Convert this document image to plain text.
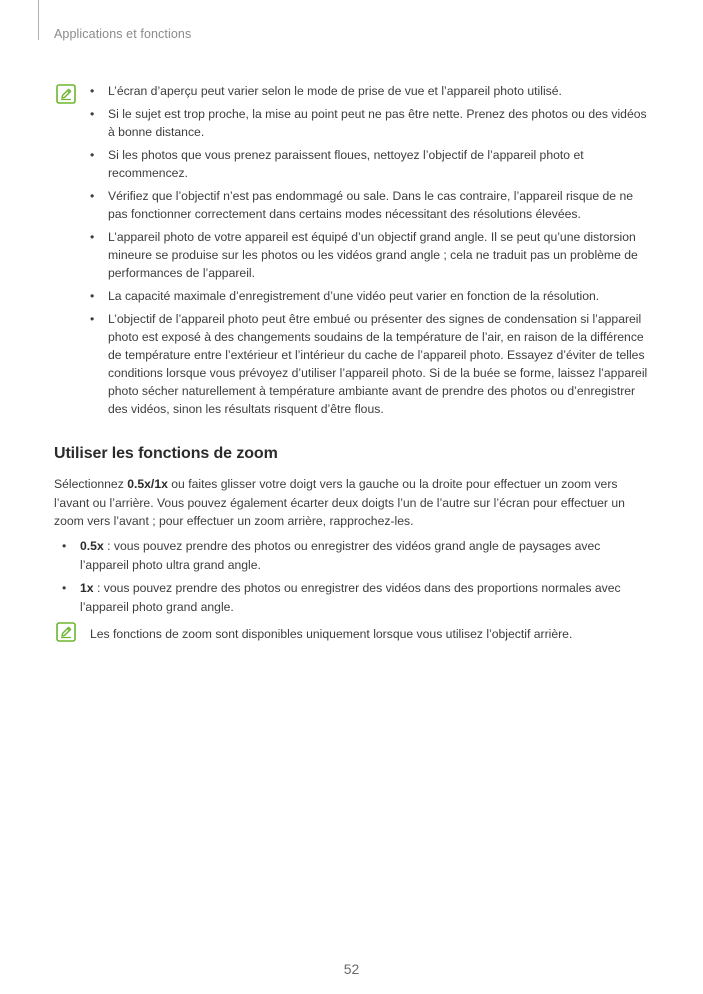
Applications et fonctions
• L’écran d’aperçu peut varier selon le mode de prise de vue et l’appareil photo utilisé.
• Si le sujet est trop proche, la mise au point peut ne pas être nette. Prenez des photos ou des vidéos à bonne distance.
• Si les photos que vous prenez paraissent floues, nettoyez l’objectif de l’appareil photo et recommencez.
• Vérifiez que l’objectif n’est pas endommagé ou sale. Dans le cas contraire, l’appareil risque de ne pas fonctionner correctement dans certains modes nécessitant des résolutions élevées.
• L’appareil photo de votre appareil est équipé d’un objectif grand angle. Il se peut qu’une distorsion mineure se produise sur les photos ou les vidéos grand angle ; cela ne traduit pas un problème de performances de l’appareil.
• La capacité maximale d’enregistrement d’une vidéo peut varier en fonction de la résolution.
• L’objectif de l’appareil photo peut être embué ou présenter des signes de condensation si l’appareil photo est exposé à des changements soudains de la température de l’air, en raison de la différence de température entre l’extérieur et l’intérieur du cache de l’appareil photo. Essayez d’éviter de telles conditions lorsque vous prévoyez d’utiliser l’appareil photo. Si de la buée se forme, laissez l’appareil photo sécher naturellement à température ambiante avant de prendre des photos ou d’enregistrer des vidéos, sinon les résultats risquent d’être flous.
Utiliser les fonctions de zoom

Sélectionnez 0.5x/1x ou faites glisser votre doigt vers la gauche ou la droite pour effectuer un zoom vers l’avant ou l’arrière. Vous pouvez également écarter deux doigts l’un de l’autre sur l’écran pour effectuer un zoom vers l’avant ; pour effectuer un zoom arrière, rapprochez-les.

• 0.5x : vous pouvez prendre des photos ou enregistrer des vidéos grand angle de paysages avec l’appareil photo ultra grand angle.
• 1x : vous pouvez prendre des photos ou enregistrer des vidéos dans des proportions normales avec l’appareil photo grand angle.

Les fonctions de zoom sont disponibles uniquement lorsque vous utilisez l’objectif arrière.

52
